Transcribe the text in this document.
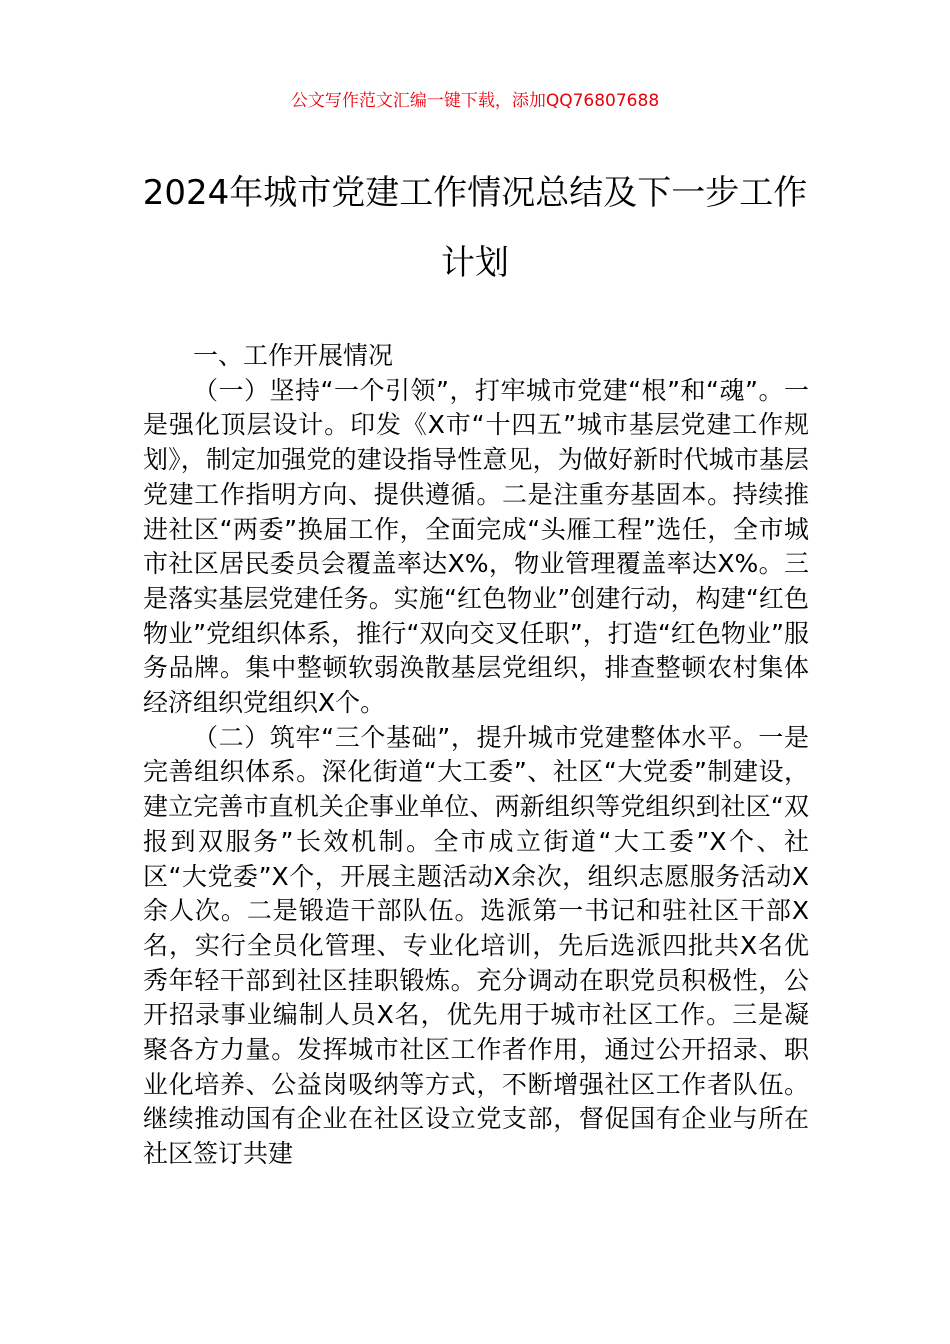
公文写作范文汇编一键下载，添加QQ76807688
2024年城市党建工作情况总结及下一步工作计划

一、工作开展情况

（一）坚持“一个引领”，打牢城市党建“根”和“魂”。一是强化顶层设计。印发《X市“十四五”城市基层党建工作规划》，制定加强党的建设指导性意见，为做好新时代城市基层党建工作指明方向、提供遵循。二是注重夯基固本。持续推进社区“两委”换届工作，全面完成“头雁工程”选任，全市城市社区居民委员会覆盖率达X%，物业管理覆盖率达X%。三是落实基层党建任务。实施“红色物业”创建行动，构建“红色物业”党组织体系，推行“双向交叉任职”，打造“红色物业”服务品牌。集中整顿软弱涣散基层党组织，排查整顿农村集体经济组织党组织X个。

（二）筑牢“三个基础”，提升城市党建整体水平。一是完善组织体系。深化街道“大工委”、社区“大党委”制建设，建立完善市直机关企事业单位、两新组织等党组织到社区“双报到双服务”长效机制。全市成立街道“大工委”X个、社区“大党委”X个，开展主题活动X余次，组织志愿服务活动X余人次。二是锻造干部队伍。选派第一书记和驻社区干部X名，实行全员化管理、专业化培训，先后选派四批共X名优秀年轻干部到社区挂职锻炼。充分调动在职党员积极性，公开招录事业编制人员X名，优先用于城市社区工作。三是凝聚各方力量。发挥城市社区工作者作用，通过公开招录、职业化培养、公益岗吸纳等方式，不断增强社区工作者队伍。继续推动国有企业在社区设立党支部，督促国有企业与所在社区签订共建
